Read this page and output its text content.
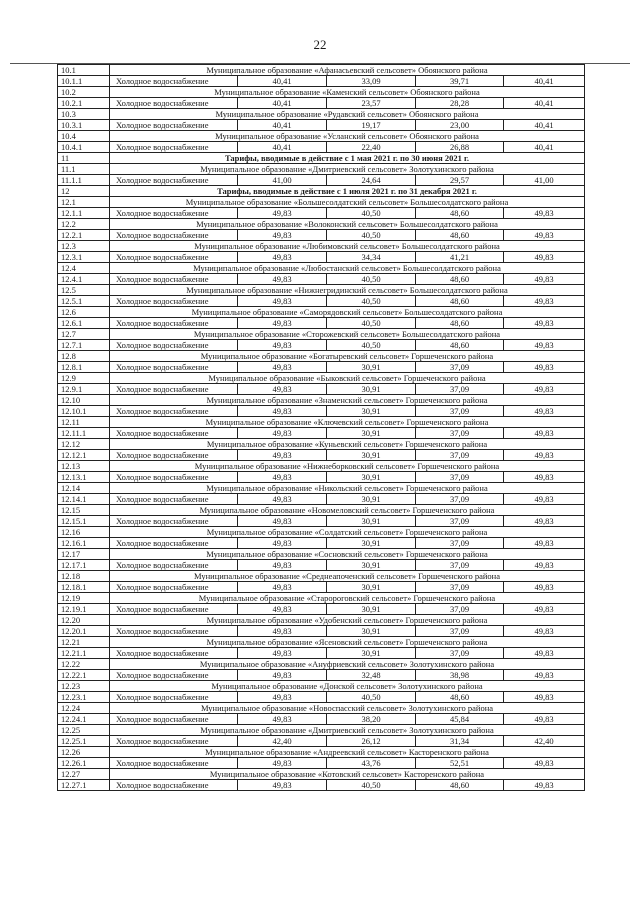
22
10.1	Муниципальное образование «Афанасьевский сельсовет» Обоянского района				
10.1.1	Холодное водоснабжение	40,41	33,09	39,71	40,41
10.2	Муниципальное образование «Каменский сельсовет» Обоянского района				
10.2.1	Холодное водоснабжение	40,41	23,57	28,28	40,41
10.3	Муниципальное образование «Рудавский сельсовет» Обоянского района				
10.3.1	Холодное водоснабжение	40,41	19,17	23,00	40,41
10.4	Муниципальное образование «Усланский сельсовет» Обоянского района				
10.4.1	Холодное водоснабжение	40,41	22,40	26,88	40,41
11	Тарифы, вводимые в действие с 1 мая 2021 г. по 30 июня 2021 г.				
11.1	Муниципальное образование «Дмитриевский сельсовет» Золотухинского района				
11.1.1	Холодное водоснабжение	41,00	24,64	29,57	41,00
12	Тарифы, вводимые в действие с 1 июля 2021 г. по 31 декабря 2021 г.				
12.1	Муниципальное образование «Большесолдатский сельсовет» Большесолдатского района				
12.1.1	Холодное водоснабжение	49,83	40,50	48,60	49,83
12.2	Муниципальное образование «Волоконский сельсовет» Большесолдатского района				
12.2.1	Холодное водоснабжение	49,83	40,50	48,60	49,83
12.3	Муниципальное образование «Любимовский сельсовет» Большесолдатского района				
12.3.1	Холодное водоснабжение	49,83	34,34	41,21	49,83
12.4	Муниципальное образование «Любостанский сельсовет» Большесолдатского района				
12.4.1	Холодное водоснабжение	49,83	40,50	48,60	49,83
12.5	Муниципальное образование «Нижнегридинский сельсовет» Большесолдатского района				
12.5.1	Холодное водоснабжение	49,83	40,50	48,60	49,83
12.6	Муниципальное образование «Саморядовский сельсовет» Большесолдатского района				
12.6.1	Холодное водоснабжение	49,83	40,50	48,60	49,83
12.7	Муниципальное образование «Сторожевский сельсовет» Большесолдатского района				
12.7.1	Холодное водоснабжение	49,83	40,50	48,60	49,83
12.8	Муниципальное образование «Богатыревский сельсовет» Горшеченского района				
12.8.1	Холодное водоснабжение	49,83	30,91	37,09	49,83
12.9	Муниципальное образование «Быковский сельсовет» Горшеченского района				
12.9.1	Холодное водоснабжение	49,83	30,91	37,09	49,83
12.10	Муниципальное образование «Знаменский сельсовет» Горшеченского района				
12.10.1	Холодное водоснабжение	49,83	30,91	37,09	49,83
12.11	Муниципальное образование «Ключевский сельсовет» Горшеченского района				
12.11.1	Холодное водоснабжение	49,83	30,91	37,09	49,83
12.12	Муниципальное образование «Куньевский сельсовет» Горшеченского района				
12.12.1	Холодное водоснабжение	49,83	30,91	37,09	49,83
12.13	Муниципальное образование «Нижнеборковский сельсовет» Горшеченского района				
12.13.1	Холодное водоснабжение	49,83	30,91	37,09	49,83
12.14	Муниципальное образование «Никольский сельсовет» Горшеченского района				
12.14.1	Холодное водоснабжение	49,83	30,91	37,09	49,83
12.15	Муниципальное образование «Новомеловский сельсовет» Горшеченского района				
12.15.1	Холодное водоснабжение	49,83	30,91	37,09	49,83
12.16	Муниципальное образование «Солдатский сельсовет» Горшеченского района				
12.16.1	Холодное водоснабжение	49,83	30,91	37,09	49,83
12.17	Муниципальное образование «Сосновский сельсовет» Горшеченского района				
12.17.1	Холодное водоснабжение	49,83	30,91	37,09	49,83
12.18	Муниципальное образование «Среднеапоченский сельсовет» Горшеченского района				
12.18.1	Холодное водоснабжение	49,83	30,91	37,09	49,83
12.19	Муниципальное образование «Старороговский сельсовет» Горшеченского района				
12.19.1	Холодное водоснабжение	49,83	30,91	37,09	49,83
12.20	Муниципальное образование «Удобенский сельсовет» Горшеченского района				
12.20.1	Холодное водоснабжение	49,83	30,91	37,09	49,83
12.21	Муниципальное образование «Ясеновский сельсовет» Горшеченского района				
12.21.1	Холодное водоснабжение	49,83	30,91	37,09	49,83
12.22	Муниципальное образование «Ануфриевский сельсовет» Золотухинского района				
12.22.1	Холодное водоснабжение	49,83	32,48	38,98	49,83
12.23	Муниципальное образование «Донской сельсовет» Золотухинского района				
12.23.1	Холодное водоснабжение	49,83	40,50	48,60	49,83
12.24	Муниципальное образование «Новоспасский сельсовет» Золотухинского района				
12.24.1	Холодное водоснабжение	49,83	38,20	45,84	49,83
12.25	Муниципальное образование «Дмитриевский сельсовет» Золотухинского района				
12.25.1	Холодное водоснабжение	42,40	26,12	31,34	42,40
12.26	Муниципальное образование «Андреевский сельсовет» Касторенского района				
12.26.1	Холодное водоснабжение	49,83	43,76	52,51	49,83
12.27	Муниципальное образование «Котовский сельсовет» Касторенского района				
12.27.1	Холодное водоснабжение	49,83	40,50	48,60	49,83
